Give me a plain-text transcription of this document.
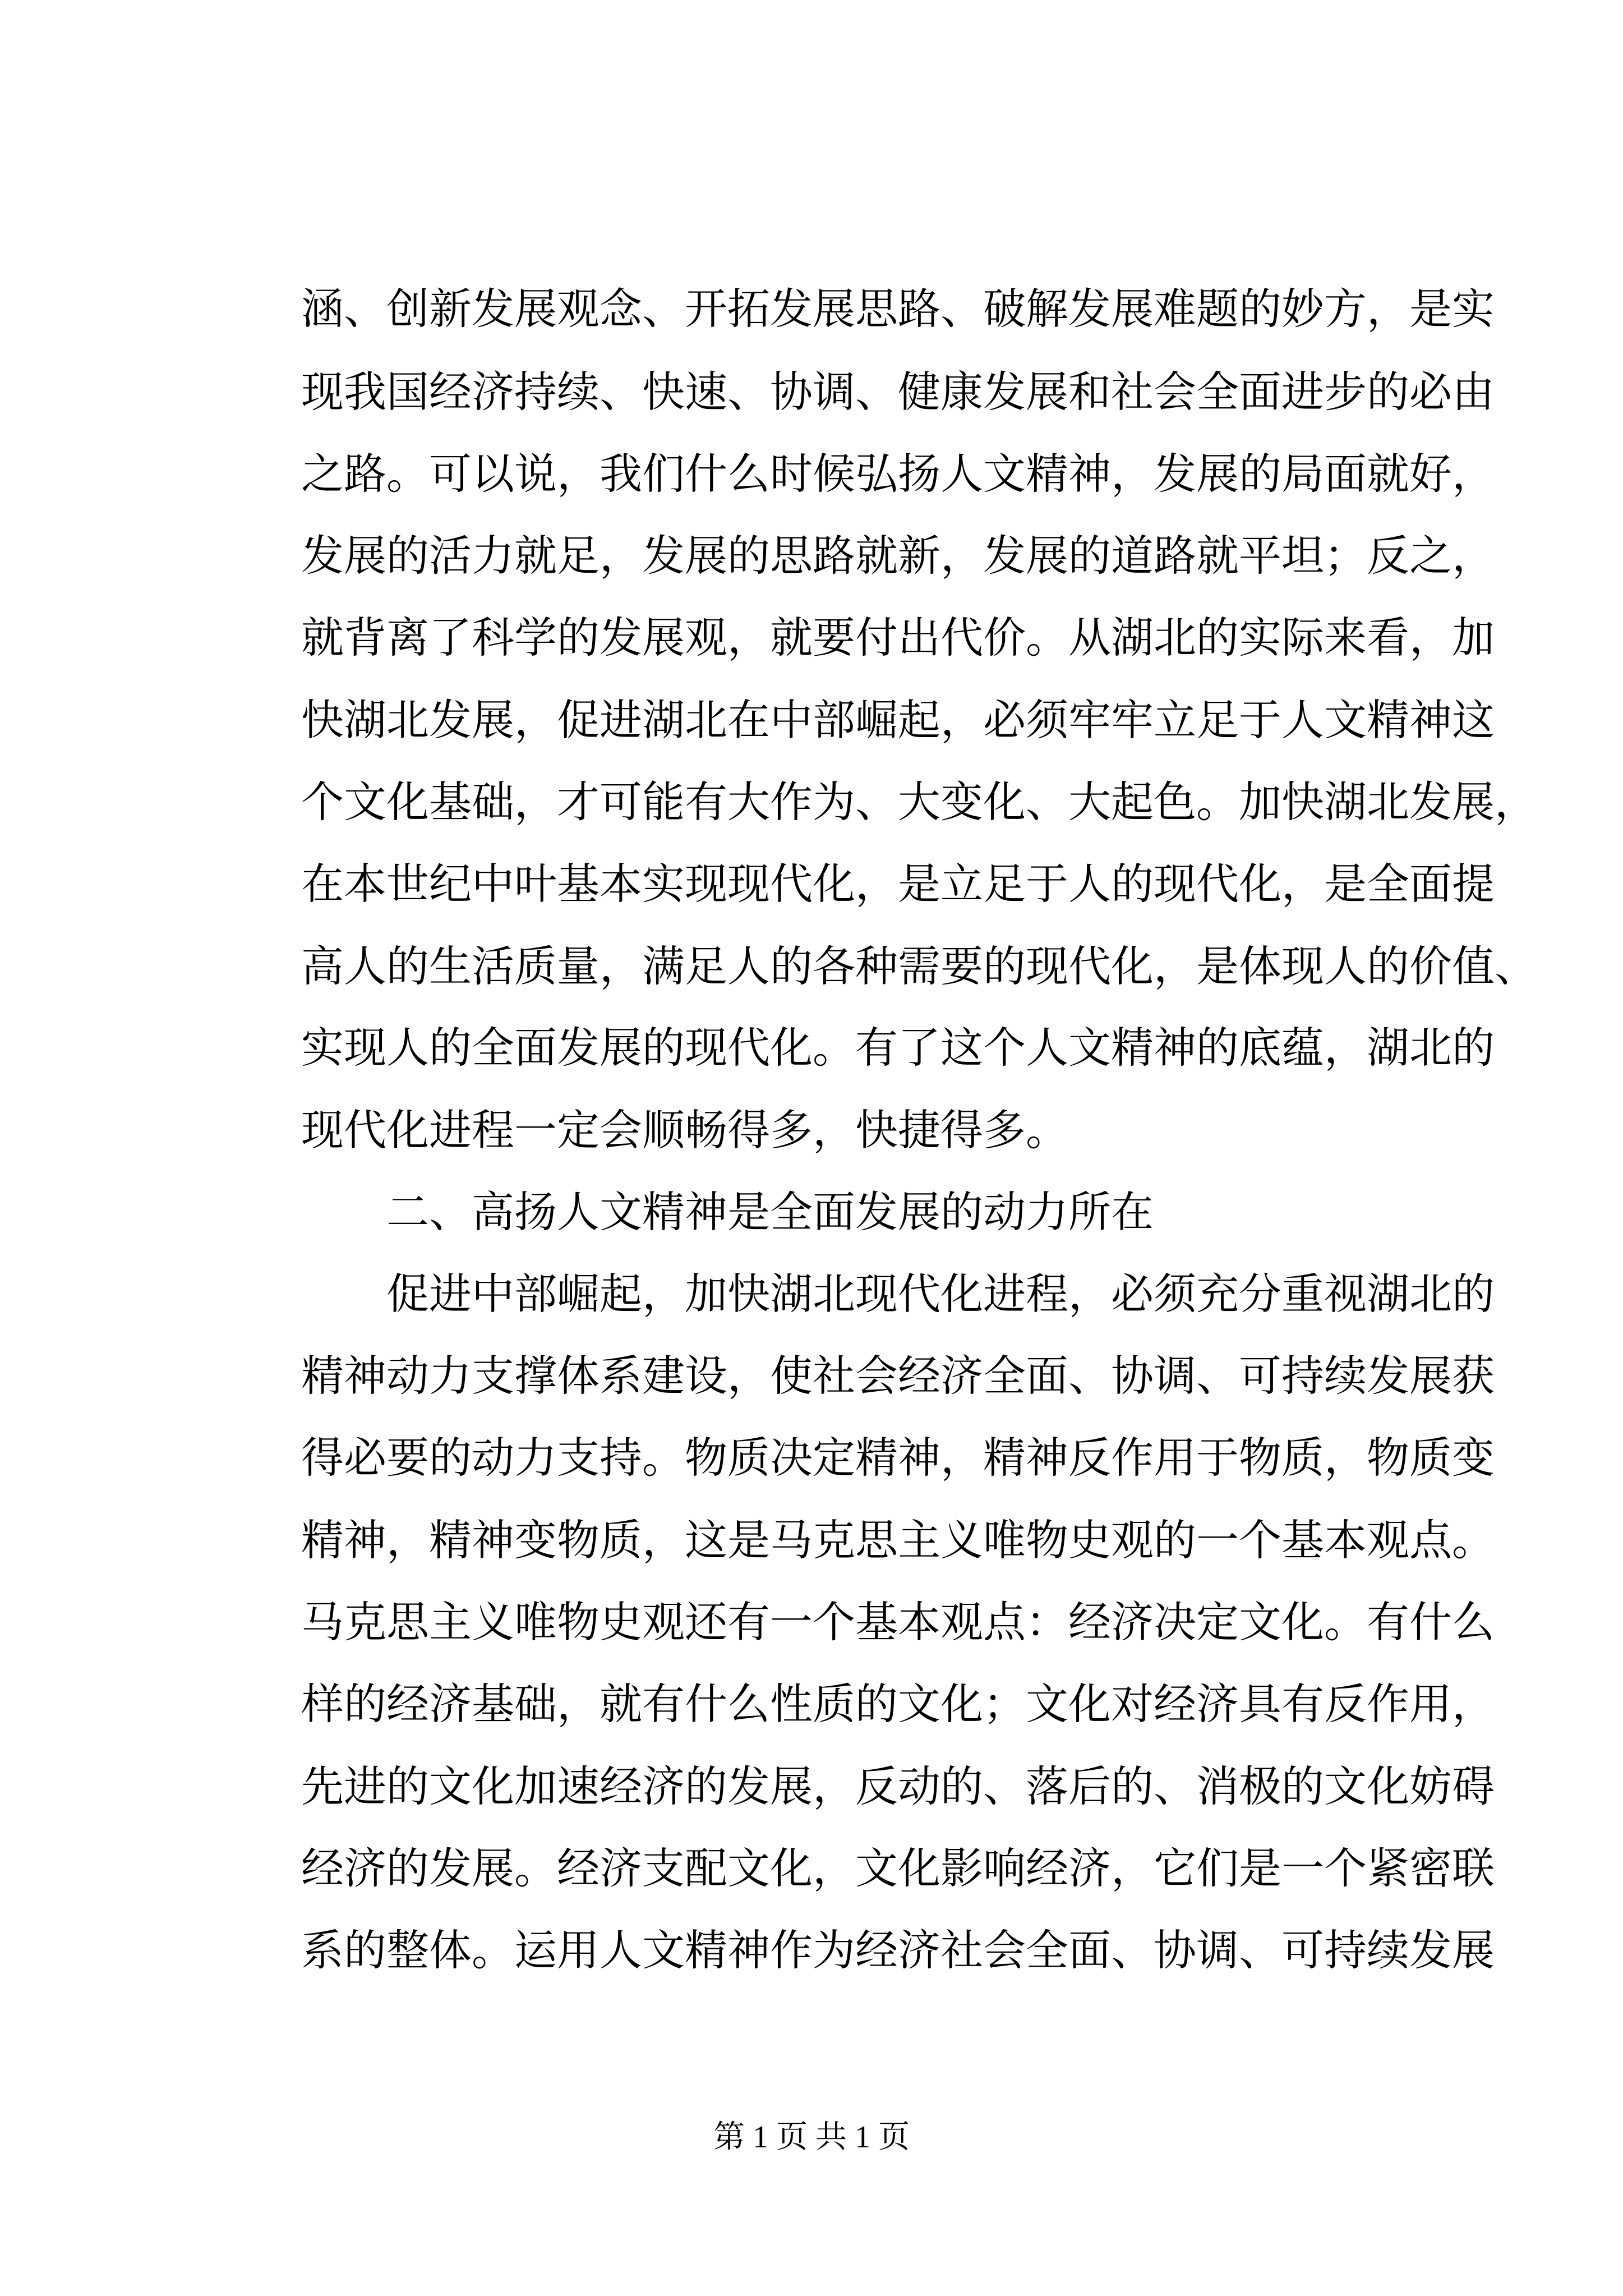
涵、创新发展观念、开拓发展思路、破解发展难题的妙方，是实
现我国经济持续、快速、协调、健康发展和社会全面进步的必由
之路。可以说，我们什么时候弘扬人文精神，发展的局面就好，
发展的活力就足，发展的思路就新，发展的道路就平坦；反之，
就背离了科学的发展观，就要付出代价。从湖北的实际来看，加
快湖北发展，促进湖北在中部崛起，必须牢牢立足于人文精神这
个文化基础，才可能有大作为、大变化、大起色。加快湖北发展，
在本世纪中叶基本实现现代化，是立足于人的现代化，是全面提
高人的生活质量，满足人的各种需要的现代化，是体现人的价值、
实现人的全面发展的现代化。有了这个人文精神的底蕴，湖北的
现代化进程一定会顺畅得多，快捷得多。
　　二、高扬人文精神是全面发展的动力所在
　　促进中部崛起，加快湖北现代化进程，必须充分重视湖北的
精神动力支撑体系建设，使社会经济全面、协调、可持续发展获
得必要的动力支持。物质决定精神，精神反作用于物质，物质变
精神，精神变物质，这是马克思主义唯物史观的一个基本观点。
马克思主义唯物史观还有一个基本观点：经济决定文化。有什么
样的经济基础，就有什么性质的文化；文化对经济具有反作用，
先进的文化加速经济的发展，反动的、落后的、消极的文化妨碍
经济的发展。经济支配文化，文化影响经济，它们是一个紧密联
系的整体。运用人文精神作为经济社会全面、协调、可持续发展
第 1 页 共 1 页
